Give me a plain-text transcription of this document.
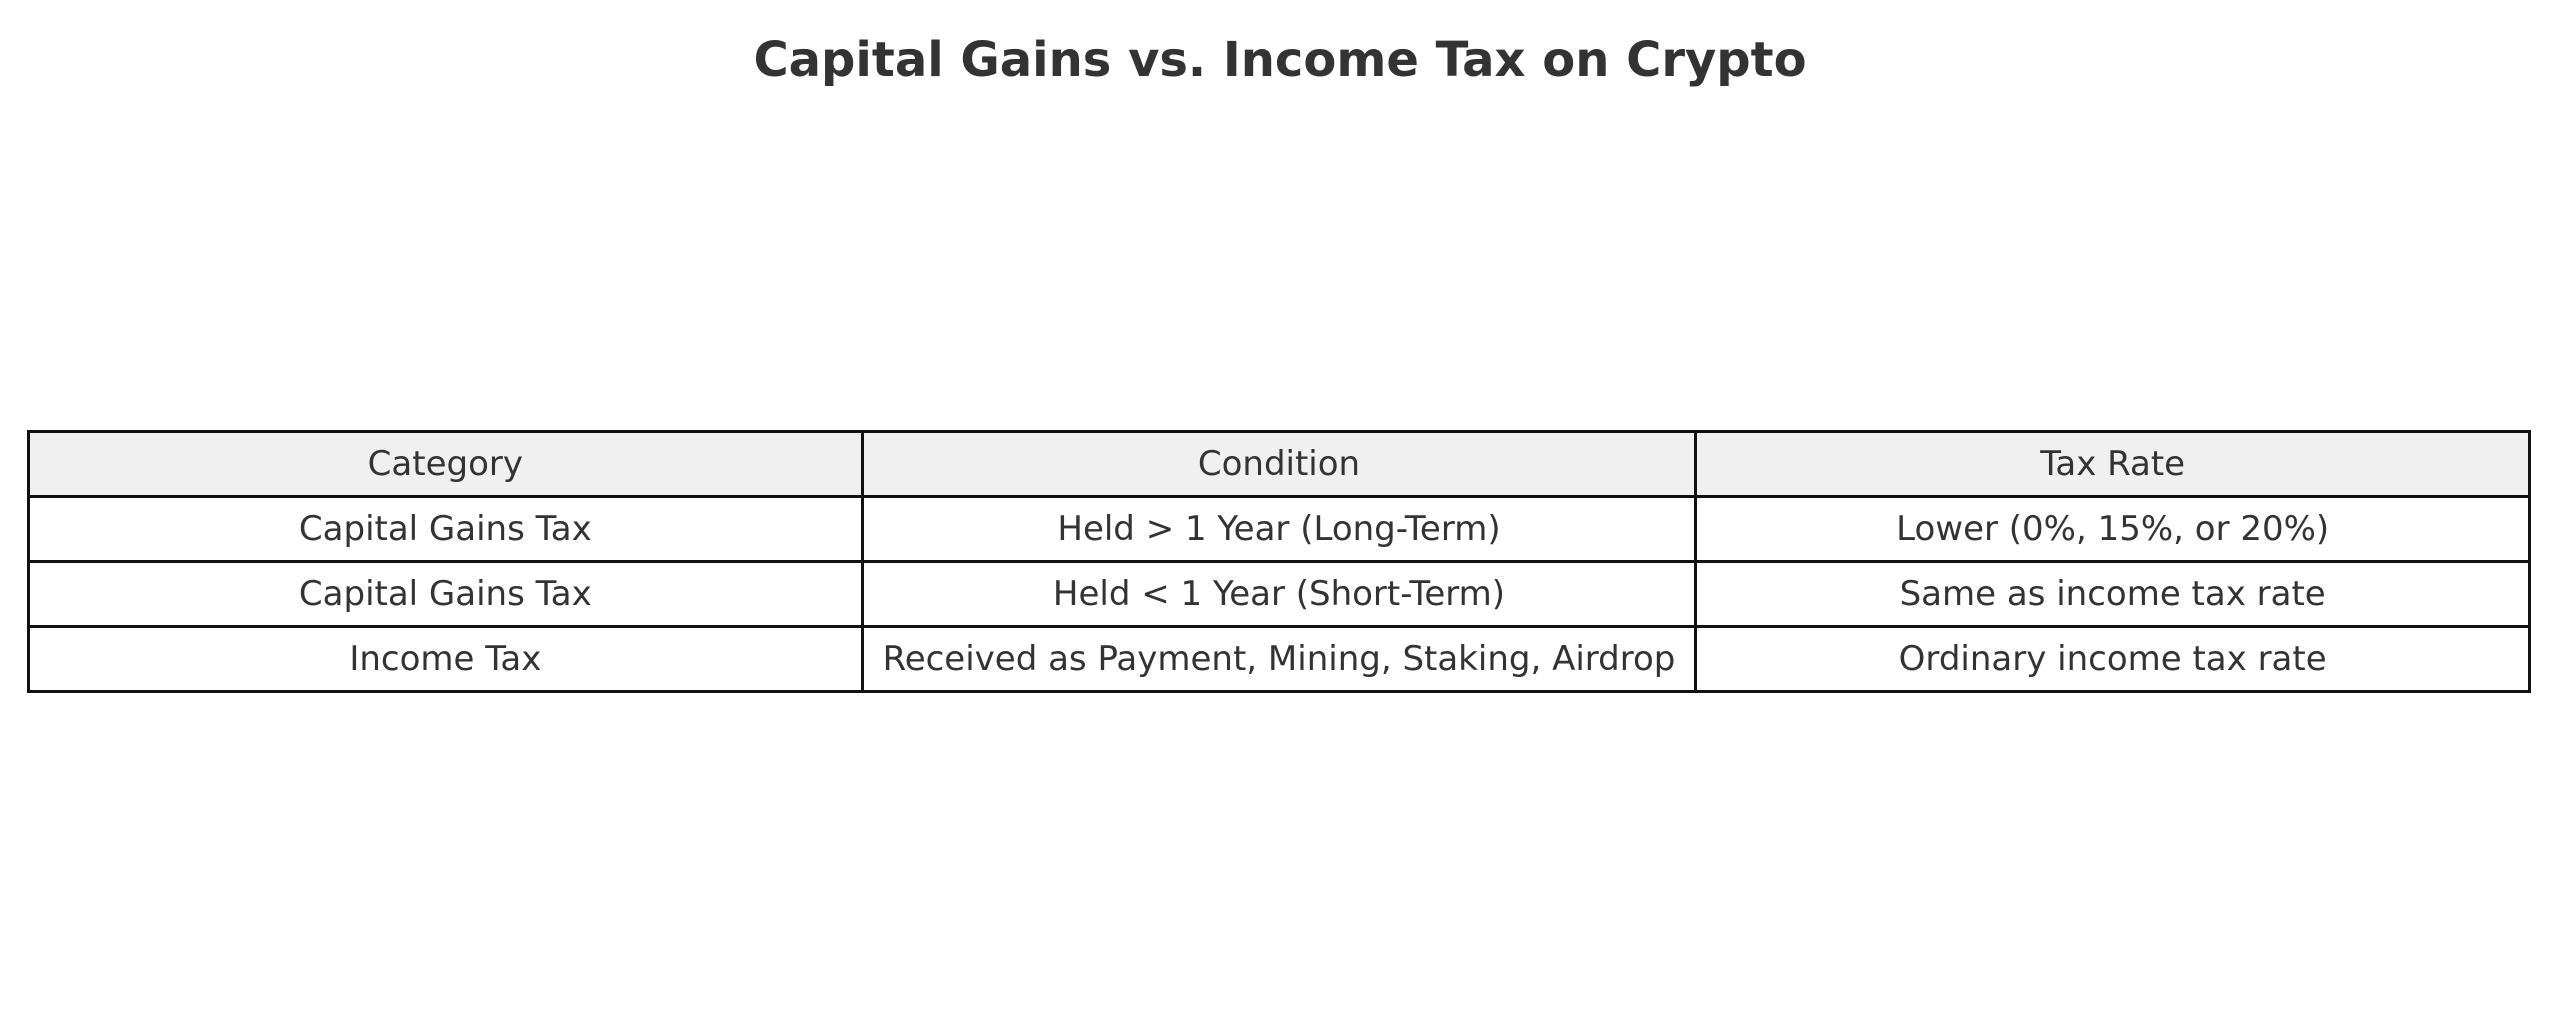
Capital Gains vs. Income Tax on Crypto
Category	Condition	Tax Rate
Capital Gains Tax	Held > 1 Year (Long-Term)	Lower (0%, 15%, or 20%)
Capital Gains Tax	Held < 1 Year (Short-Term)	Same as income tax rate
Income Tax	Received as Payment, Mining, Staking, Airdrop	Ordinary income tax rate
